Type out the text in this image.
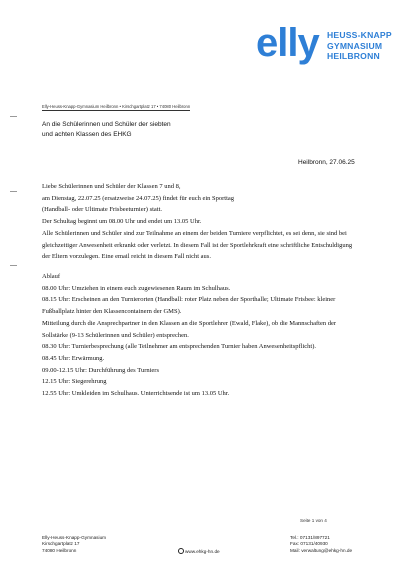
elly HEUSS-KNAPP
GYMNASIUM
HEILBRONN
Elly-Heuss-Knapp-Gymnasium Heilbronn • Kirschgartplatz 17 • 74080 Heilbronn
An die Schülerinnen und Schüler der siebten
und achten Klassen des EHKG
Heilbronn, 27.06.25
Liebe Schülerinnen und Schüler der Klassen 7 und 8,
am Dienstag, 22.07.25 (ersatzweise 24.07.25) findet für euch ein Sporttag
(Handball- oder Ultimate Frisbeeturnier) statt.
Der Schultag beginnt um 08.00 Uhr und endet um 13.05 Uhr.
Alle Schülerinnen und Schüler sind zur Teilnahme an einem der beiden Turniere verpflichtet, es sei denn, sie sind bei gleichzeitiger Anwesenheit erkrankt oder verletzt. In diesem Fall ist der Sportlehrkraft eine schriftliche Entschuldigung der Eltern vorzulegen. Eine email reicht in diesem Fall nicht aus.
Ablauf
08.00 Uhr: Umziehen in einem euch zugewiesenen Raum im Schulhaus.
08.15 Uhr: Erscheinen an den Turnierorten (Handball: roter Platz neben der Sporthalle; Ultimate Frisbee: kleiner Fußballplatz hinter den Klassencontainern der GMS).
Mitteilung durch die Ansprechpartner in den Klassen an die Sportlehrer (Ewald, Flake), ob die Mannschaften der Sollstärke (9-13 Schülerinnen und Schüler) entsprechen.
08.30 Uhr: Turnierbesprechung (alle Teilnehmer am entsprechenden Turnier haben Anwesenheitspflicht).
08.45 Uhr: Erwärmung.
09.00-12.15 Uhr: Durchführung des Turniers
12.15 Uhr: Siegerehrung
12.55 Uhr: Umkleiden im Schulhaus. Unterrichtsende ist um 13.05 Uhr.
Seite 1 von 4
Elly-Heuss-Knapp-Gymnasium
Kirschgartplatz 17
74080 Heilbronn	www.ehkg-hn.de
Tel.: 07131/897721
Fax: 07131/40930
Mail: verwaltung@ehkg-hn.de
